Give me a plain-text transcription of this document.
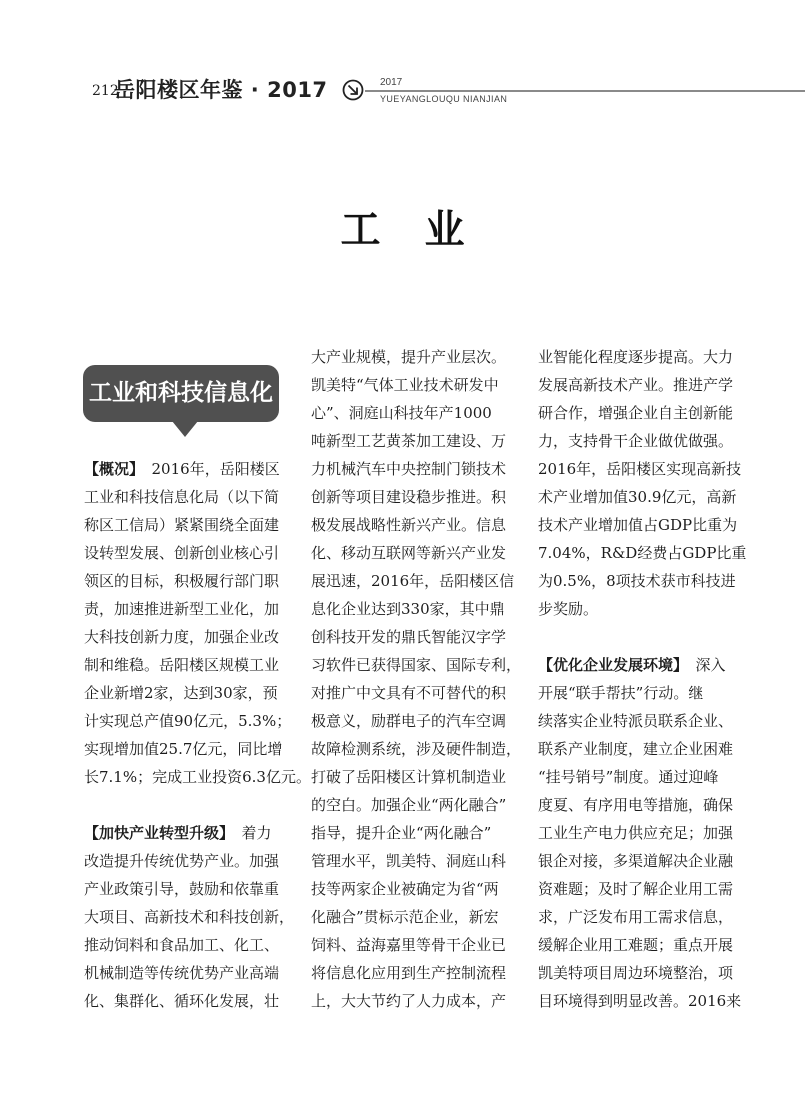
212
岳阳楼区年鉴 · 2017	2017
YUEYANGLOUQU NIANJIAN
工业
工业和科技信息化
【概况】　2016年，岳阳楼区
工业和科技信息化局（以下简
称区工信局）紧紧围绕全面建
设转型发展、创新创业核心引
领区的目标，积极履行部门职
责，加速推进新型工业化，加
大科技创新力度，加强企业改
制和维稳。岳阳楼区规模工业
企业新增2家，达到30家，预
计实现总产值90亿元，5.3%；
实现增加值25.7亿元，同比增
长7.1%；完成工业投资6.3亿元。
【加快产业转型升级】　着力
改造提升传统优势产业。加强
产业政策引导，鼓励和依靠重
大项目、高新技术和科技创新，
推动饲料和食品加工、化工、
机械制造等传统优势产业高端
化、集群化、循环化发展，壮
大产业规模，提升产业层次。
凯美特“气体工业技术研发中
心”、洞庭山科技年产1000
吨新型工艺黄茶加工建设、万
力机械汽车中央控制门锁技术
创新等项目建设稳步推进。积
极发展战略性新兴产业。信息
化、移动互联网等新兴产业发
展迅速，2016年，岳阳楼区信
息化企业达到330家，其中鼎
创科技开发的鼎氏智能汉字学
习软件已获得国家、国际专利，
对推广中文具有不可替代的积
极意义，励群电子的汽车空调
故障检测系统，涉及硬件制造，
打破了岳阳楼区计算机制造业
的空白。加强企业“两化融合”
指导，提升企业“两化融合”
管理水平，凯美特、洞庭山科
技等两家企业被确定为省“两
化融合”贯标示范企业，新宏
饲料、益海嘉里等骨干企业已
将信息化应用到生产控制流程
上，大大节约了人力成本，产
业智能化程度逐步提高。大力
发展高新技术产业。推进产学
研合作，增强企业自主创新能
力，支持骨干企业做优做强。
2016年，岳阳楼区实现高新技
术产业增加值30.9亿元，高新
技术产业增加值占GDP比重为
7.04%，R&D经费占GDP比重
为0.5%，8项技术获市科技进
步奖励。
【优化企业发展环境】　深入
开展“联手帮扶”行动。继
续落实企业特派员联系企业、
联系产业制度，建立企业困难
“挂号销号”制度。通过迎峰
度夏、有序用电等措施，确保
工业生产电力供应充足；加强
银企对接，多渠道解决企业融
资难题；及时了解企业用工需
求，广泛发布用工需求信息，
缓解企业用工难题；重点开展
凯美特项目周边环境整治，项
目环境得到明显改善。2016来
